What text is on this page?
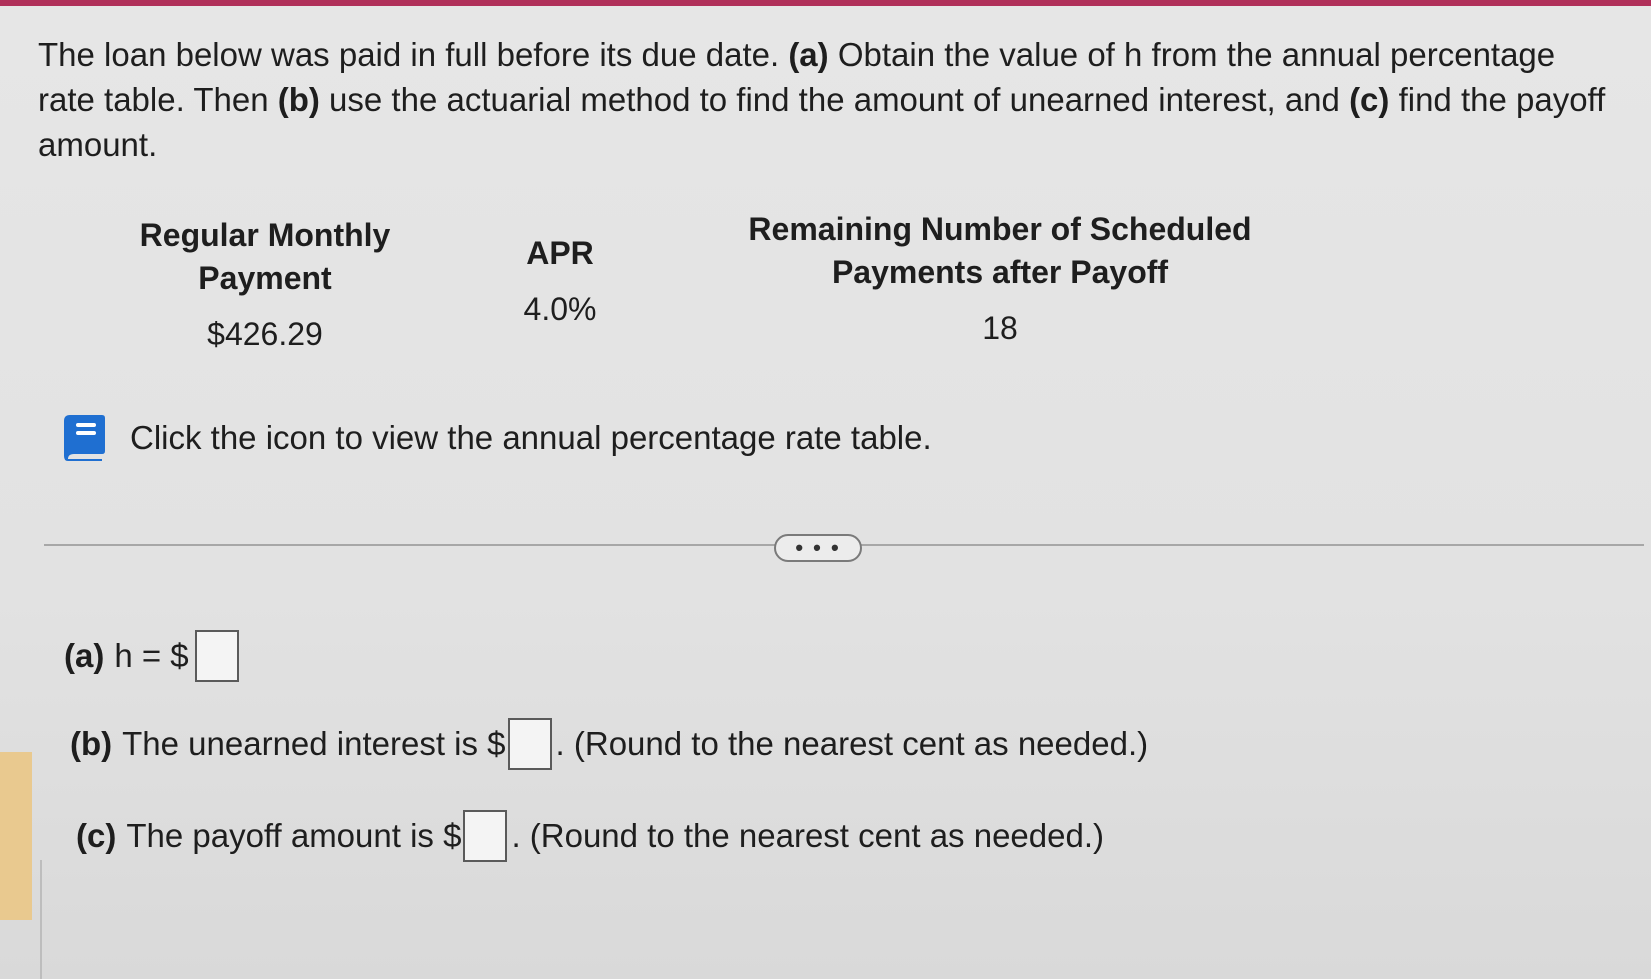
The loan below was paid in full before its due date. (a) Obtain the value of h from the annual percentage rate table. Then (b) use the actuarial method to find the amount of unearned interest, and (c) find the payoff amount.
Regular Monthly Payment
$426.29
APR
4.0%
Remaining Number of Scheduled Payments after Payoff
18
Click the icon to view the annual percentage rate table.
• • •
(a) h = $
(b) The unearned interest is $ . (Round to the nearest cent as needed.)
(c) The payoff amount is $ . (Round to the nearest cent as needed.)
